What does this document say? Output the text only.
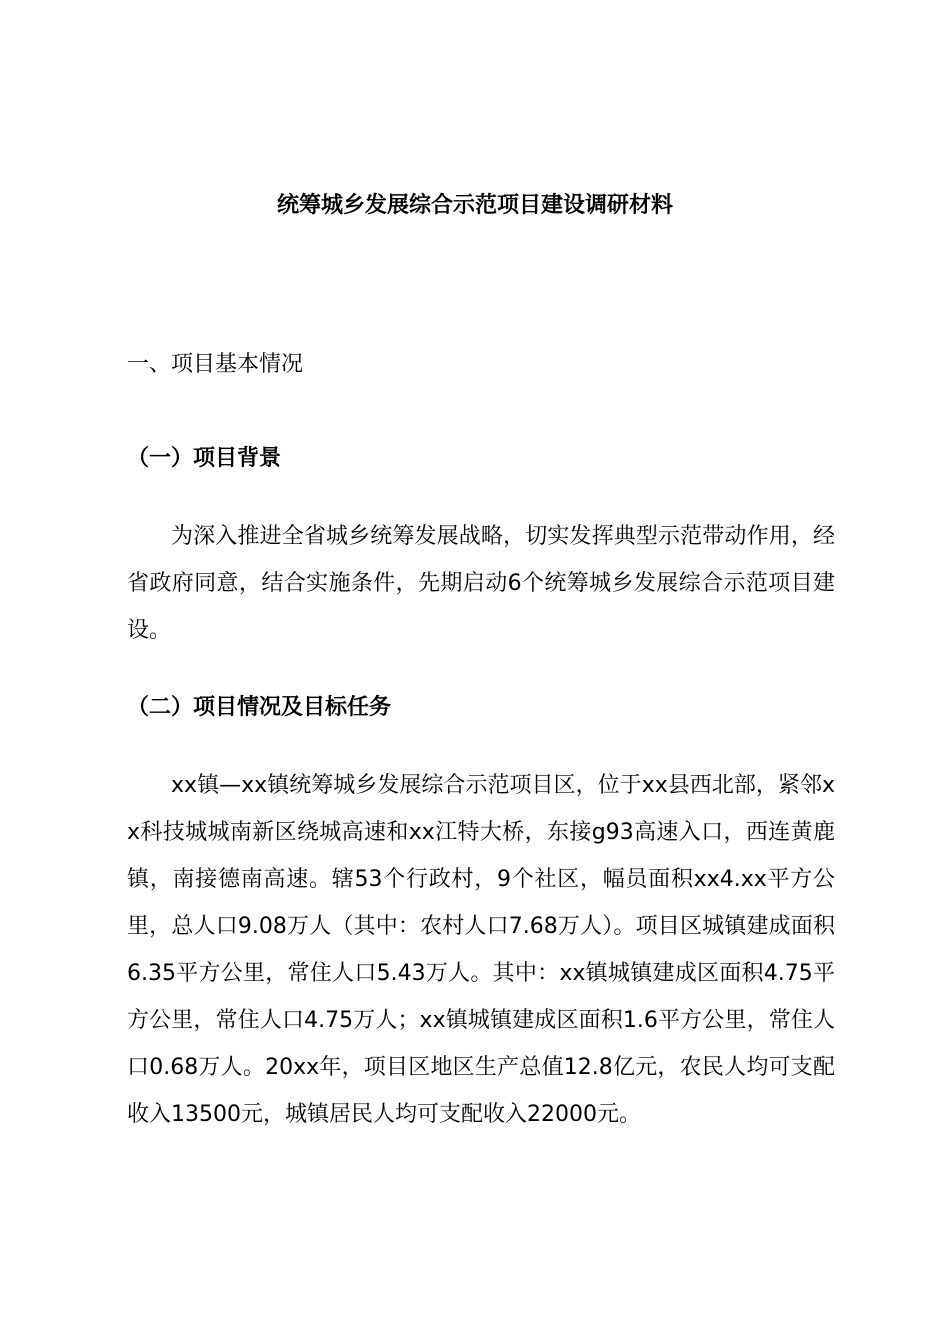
统筹城乡发展综合示范项目建设调研材料
一、项目基本情况
（一）项目背景

为深入推进全省城乡统筹发展战略，切实发挥典型示范带动作用，经省政府同意，结合实施条件，先期启动6个统筹城乡发展综合示范项目建设。

（二）项目情况及目标任务

xx镇—xx镇统筹城乡发展综合示范项目区，位于xx县西北部，紧邻xx科技城城南新区绕城高速和xx江特大桥，东接g93高速入口，西连黄鹿镇，南接德南高速。辖53个行政村，9个社区，幅员面积xx4.xx平方公里，总人口9.08万人（其中：农村人口7.68万人）。项目区城镇建成面积6.35平方公里，常住人口5.43万人。其中：xx镇城镇建成区面积4.75平方公里，常住人口4.75万人；xx镇城镇建成区面积1.6平方公里，常住人口0.68万人。20xx年，项目区地区生产总值12.8亿元，农民人均可支配收入13500元，城镇居民人均可支配收入22000元。
